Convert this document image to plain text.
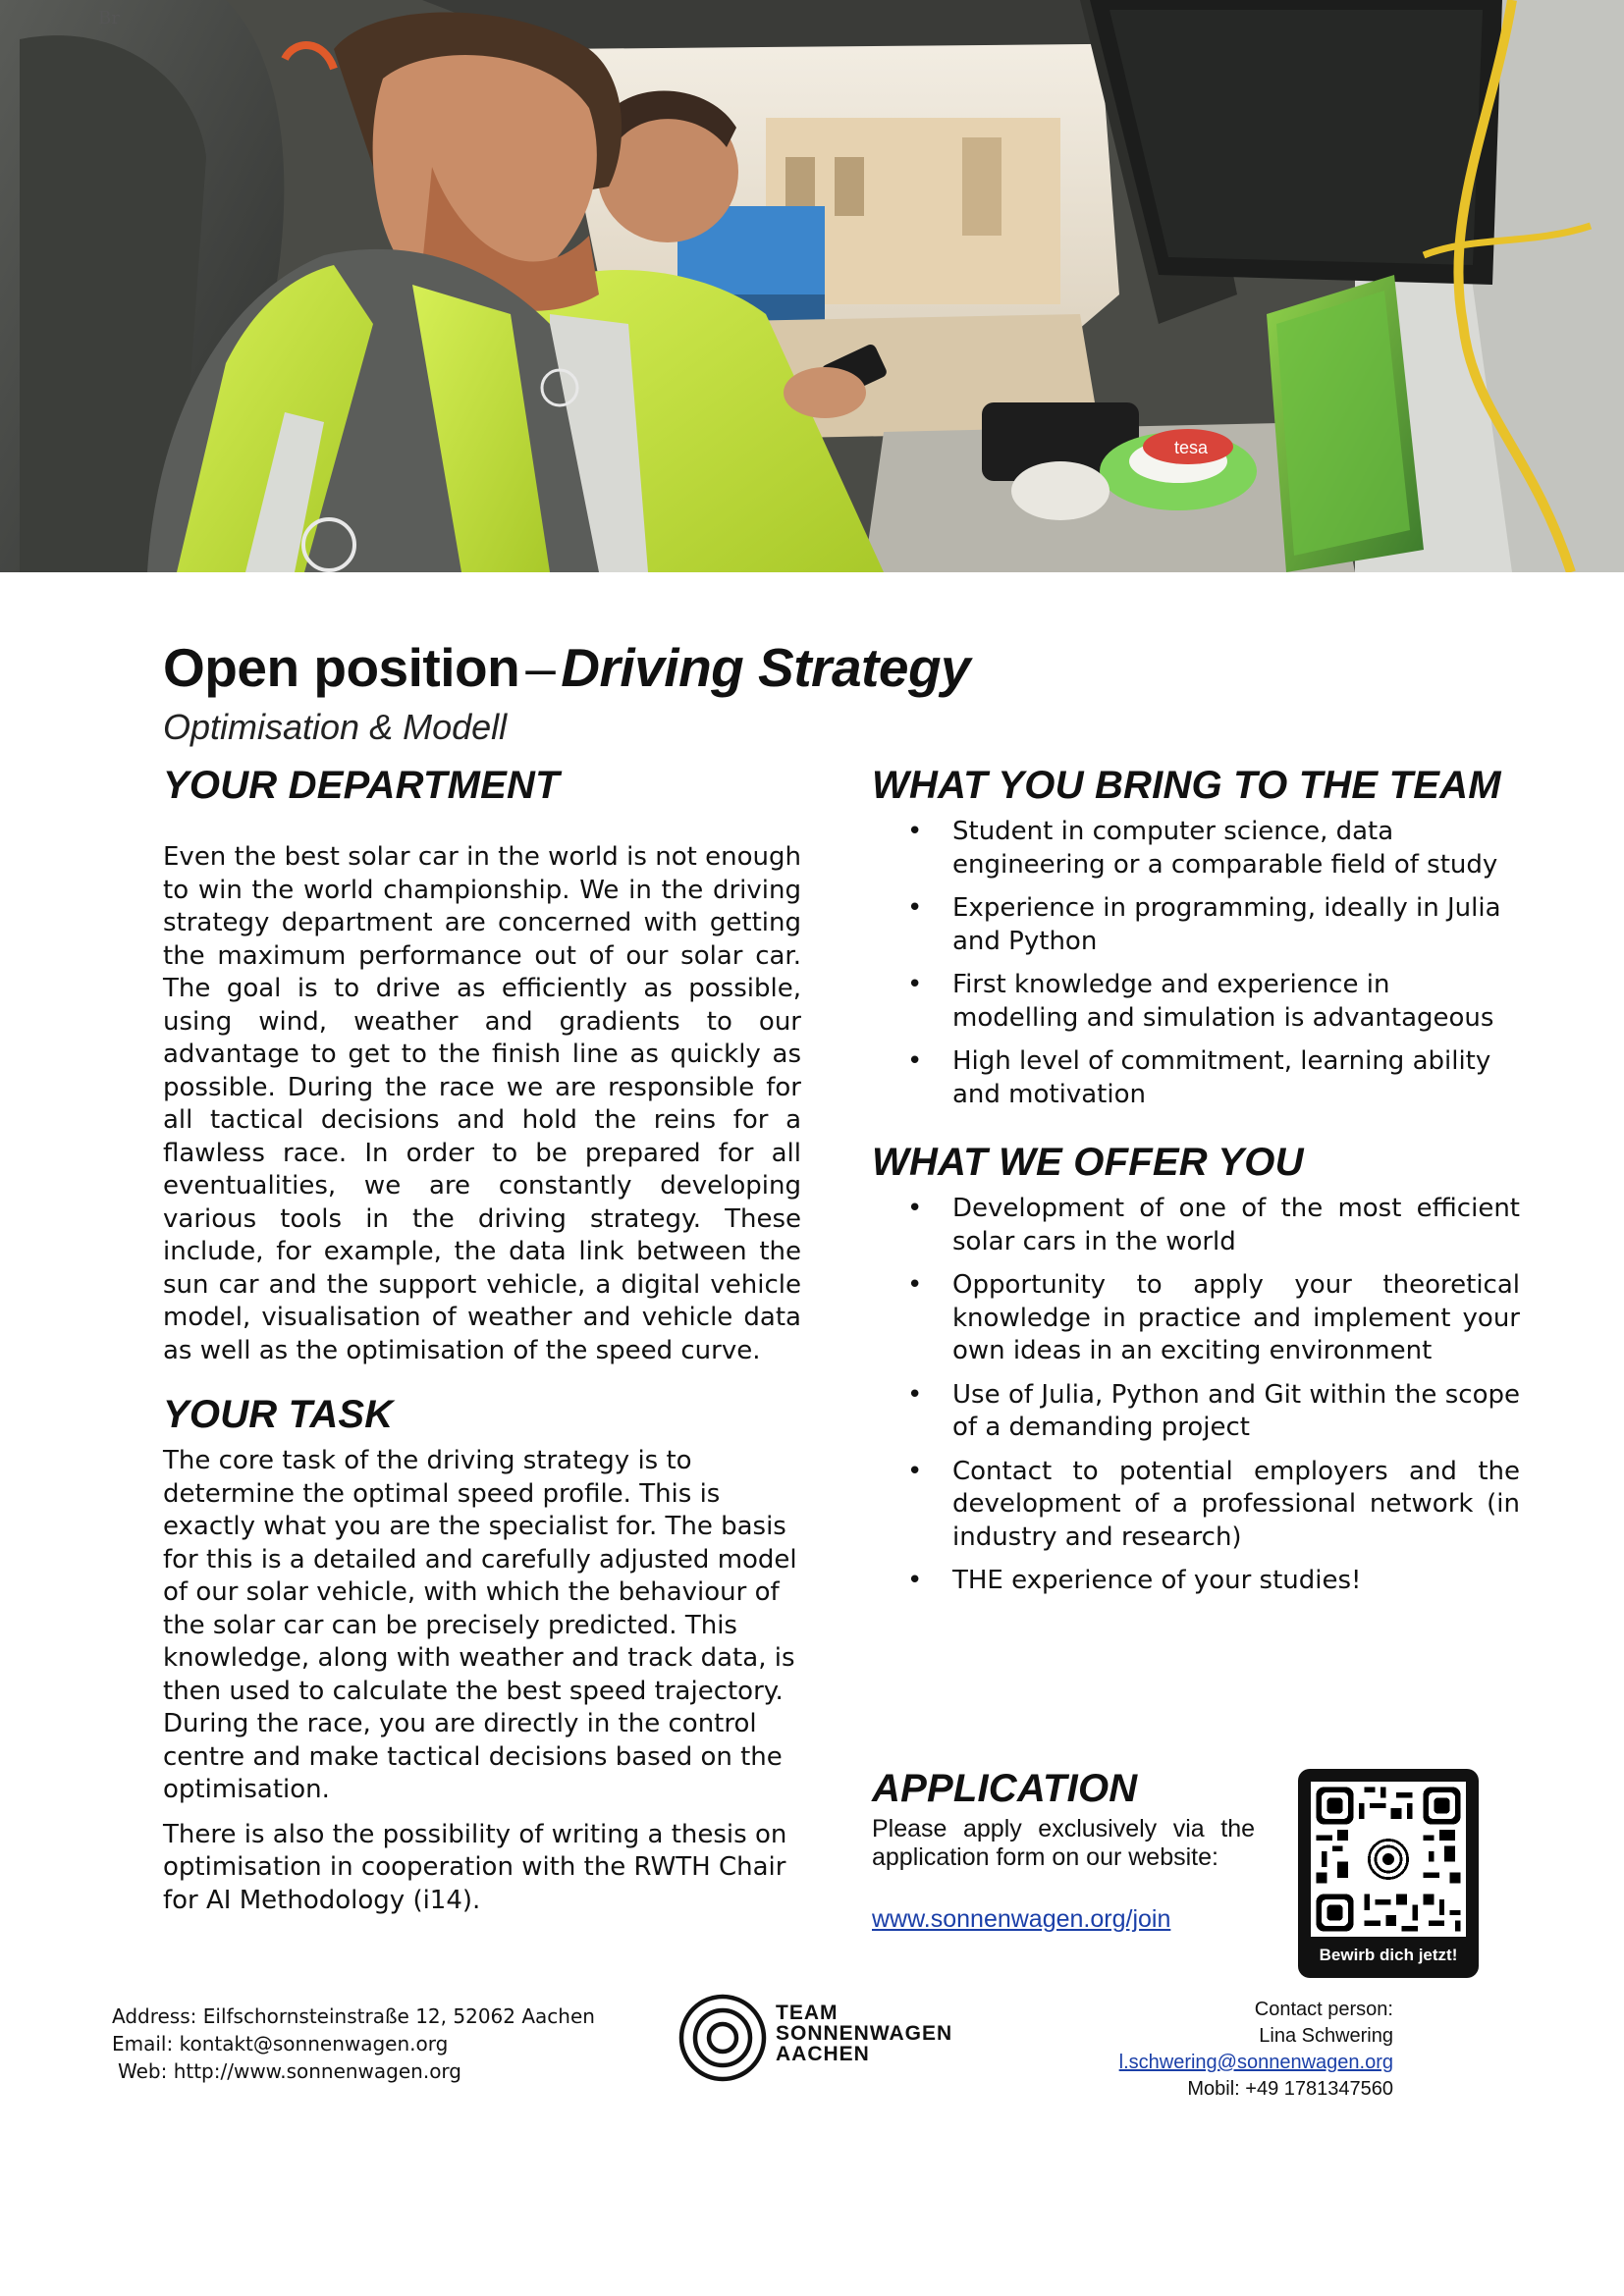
tesa
Br
Open position – Driving Strategy
Optimisation & Modell
YOUR DEPARTMENT

Even the best solar car in the world is not enough to win the world championship. We in the driving strategy department are concerned with getting the maximum performance out of our solar car. The goal is to drive as efficiently as possible, using wind, weather and gradients to our advantage to get to the finish line as quickly as possible. During the race we are responsible for all tactical decisions and hold the reins for a flawless race. In order to be prepared for all eventualities, we are constantly developing various tools in the driving strategy. These include, for example, the data link between the sun car and the support vehicle, a digital vehicle model, visualisation of weather and vehicle data as well as the optimisation of the speed curve.

YOUR TASK

The core task of the driving strategy is to determine the optimal speed profile. This is exactly what you are the specialist for. The basis for this is a detailed and carefully adjusted model of our solar vehicle, with which the behaviour of the solar car can be precisely predicted. This knowledge, along with weather and track data, is then used to calculate the best speed trajectory. During the race, you are directly in the control centre and make tactical decisions based on the optimisation.

There is also the possibility of writing a thesis on optimisation in cooperation with the RWTH Chair for AI Methodology (i14).

WHAT YOU BRING TO THE TEAM
• Student in computer science, data engineering or a comparable field of study
• Experience in programming, ideally in Julia and Python
• First knowledge and experience in modelling and simulation is advantageous
• High level of commitment, learning ability and motivation
WHAT WE OFFER YOU
• Development of one of the most efficient solar cars in the world
• Opportunity to apply your theoretical knowledge in practice and implement your own ideas in an exciting environment
• Use of Julia, Python and Git within the scope of a demanding project
• Contact to potential employers and the development of a professional network (in industry and research)
• THE experience of your studies!
APPLICATION

Please apply exclusively via the application form on our website:

www.sonnenwagen.org/join
Bewirb dich jetzt!
Address: Eilfschornsteinstraße 12, 52062 Aachen
Email: kontakt@sonnenwagen.org
Web: http://www.sonnenwagen.org
TEAM
SONNENWAGEN
AACHEN
Contact person:
Lina Schwering
l.schwering@sonnenwagen.org
Mobil: +49 1781347560
